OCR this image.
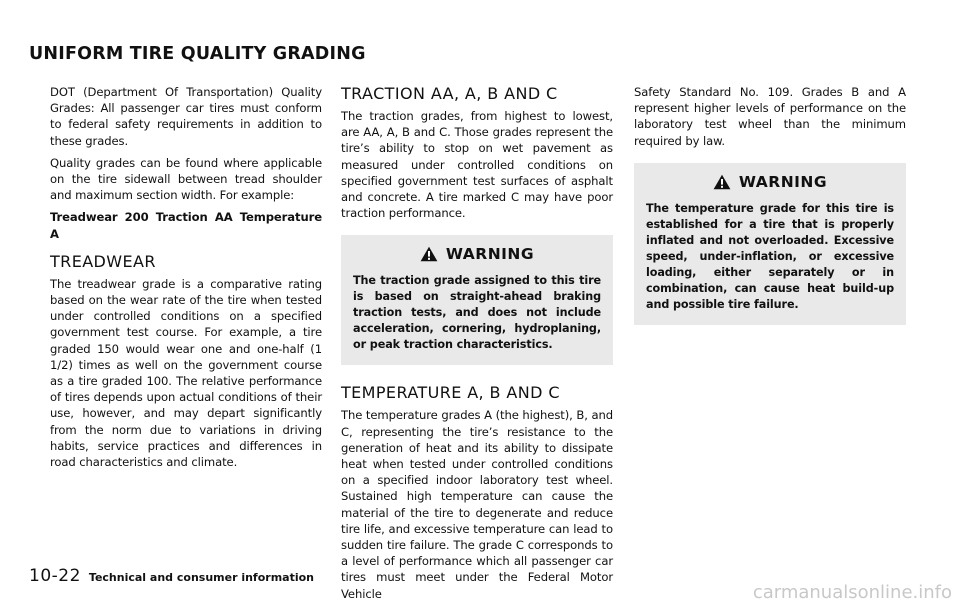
UNIFORM TIRE QUALITY GRADING

DOT (Department Of Transportation) Quality Grades: All passenger car tires must conform to federal safety requirements in addition to these grades.

Quality grades can be found where applicable on the tire sidewall between tread shoulder and maximum section width. For example:

Treadwear 200 Traction AA Temperature A

TREADWEAR

The treadwear grade is a comparative rating based on the wear rate of the tire when tested under controlled conditions on a specified government test course. For example, a tire graded 150 would wear one and one-half (1 1/2) times as well on the government course as a tire graded 100. The relative performance of tires depends upon actual conditions of their use, however, and may depart significantly from the norm due to variations in driving habits, service practices and differences in road characteristics and climate.

TRACTION AA, A, B AND C

The traction grades, from highest to lowest, are AA, A, B and C. Those grades represent the tire’s ability to stop on wet pavement as measured under controlled conditions on specified government test surfaces of asphalt and concrete. A tire marked C may have poor traction performance.

WARNING

The traction grade assigned to this tire is based on straight-ahead braking traction tests, and does not include acceleration, cornering, hydroplaning, or peak traction characteristics.

TEMPERATURE A, B AND C

The temperature grades A (the highest), B, and C, representing the tire’s resistance to the generation of heat and its ability to dissipate heat when tested under controlled conditions on a specified indoor laboratory test wheel. Sustained high temperature can cause the material of the tire to degenerate and reduce tire life, and excessive temperature can lead to sudden tire failure. The grade C corresponds to a level of performance which all passenger car tires must meet under the Federal Motor Vehicle

Safety Standard No. 109. Grades B and A represent higher levels of performance on the laboratory test wheel than the minimum required by law.

WARNING

The temperature grade for this tire is established for a tire that is properly inflated and not overloaded. Excessive speed, under-inflation, or excessive loading, either separately or in combination, can cause heat build-up and possible tire failure.

10-22 Technical and consumer information
carmanualsonline.info
